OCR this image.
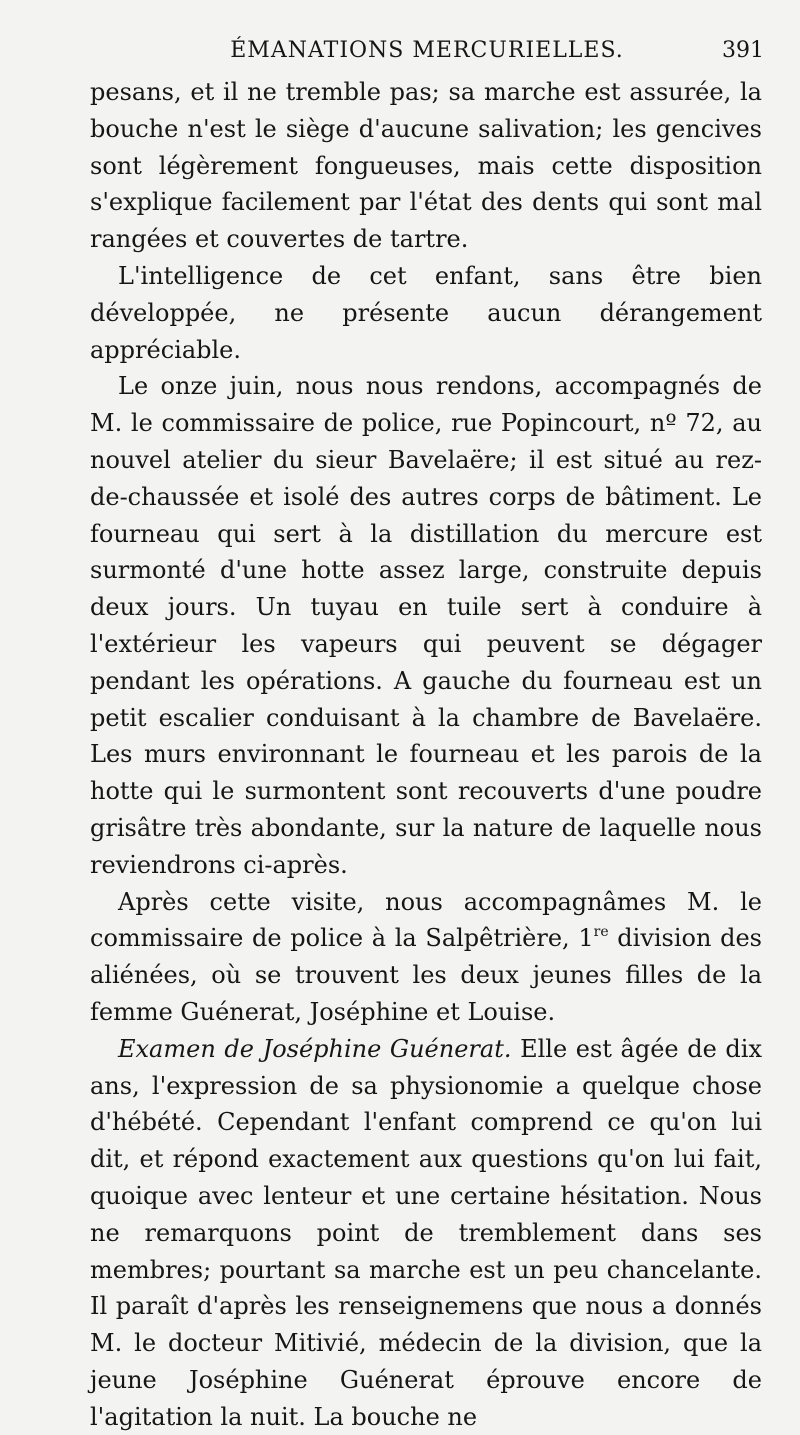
ÉMANATIONS MERCURIELLES.	391

pesans, et il ne tremble pas; sa marche est assurée, la bouche n'est le siège d'aucune salivation; les gencives sont légèrement fongueuses, mais cette disposition s'explique facilement par l'état des dents qui sont mal rangées et couvertes de tartre.

L'intelligence de cet enfant, sans être bien développée, ne présente aucun dérangement appréciable.

Le onze juin, nous nous rendons, accompagnés de M. le commissaire de police, rue Popincourt, nº 72, au nouvel atelier du sieur Bavelaëre; il est situé au rez-de-chaussée et isolé des autres corps de bâtiment. Le fourneau qui sert à la distillation du mercure est surmonté d'une hotte assez large, construite depuis deux jours. Un tuyau en tuile sert à conduire à l'extérieur les vapeurs qui peuvent se dégager pendant les opérations. A gauche du fourneau est un petit escalier conduisant à la chambre de Bavelaëre. Les murs environnant le fourneau et les parois de la hotte qui le surmontent sont recouverts d'une poudre grisâtre très abondante, sur la nature de laquelle nous reviendrons ci-après.

Après cette visite, nous accompagnâmes M. le commissaire de police à la Salpêtrière, 1re division des aliénées, où se trouvent les deux jeunes filles de la femme Guénerat, Joséphine et Louise.

Examen de Joséphine Guénerat. Elle est âgée de dix ans, l'expression de sa physionomie a quelque chose d'hébété. Cependant l'enfant comprend ce qu'on lui dit, et répond exactement aux questions qu'on lui fait, quoique avec lenteur et une certaine hésitation. Nous ne remarquons point de tremblement dans ses membres; pourtant sa marche est un peu chancelante. Il paraît d'après les renseignemens que nous a donnés M. le docteur Mitivié, médecin de la division, que la jeune Joséphine Guénerat éprouve encore de l'agitation la nuit. La bouche ne
